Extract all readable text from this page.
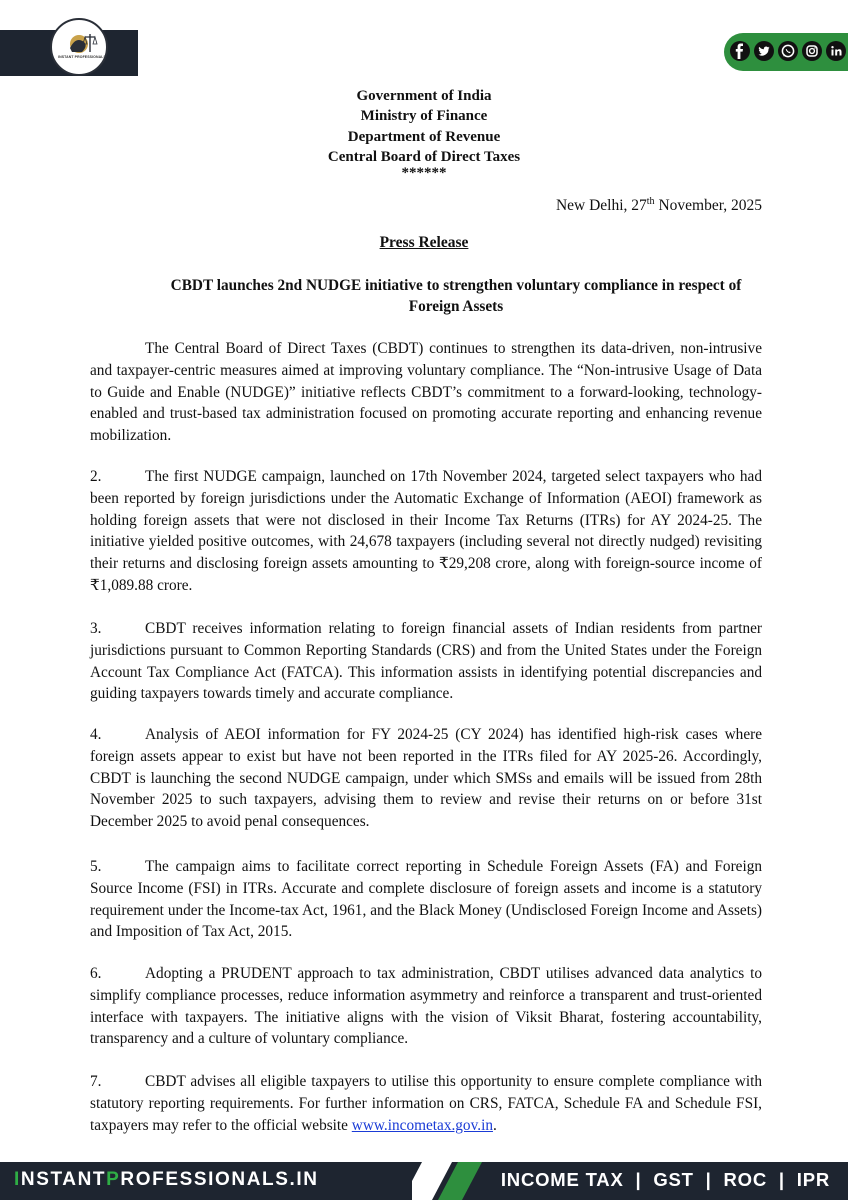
INSTANT PROFESSIONALS
Government of India
Ministry of Finance
Department of Revenue
Central Board of Direct Taxes
******
New Delhi, 27th November, 2025
Press Release
CBDT launches 2nd NUDGE initiative to strengthen voluntary compliance in respect of Foreign Assets
The Central Board of Direct Taxes (CBDT) continues to strengthen its data-driven, non-intrusive and taxpayer-centric measures aimed at improving voluntary compliance. The “Non-intrusive Usage of Data to Guide and Enable (NUDGE)” initiative reflects CBDT’s commitment to a forward-looking, technology-enabled and trust-based tax administration focused on promoting accurate reporting and enhancing revenue mobilization.
2.	The first NUDGE campaign, launched on 17th November 2024, targeted select taxpayers who had been reported by foreign jurisdictions under the Automatic Exchange of Information (AEOI) framework as holding foreign assets that were not disclosed in their Income Tax Returns (ITRs) for AY 2024-25. The initiative yielded positive outcomes, with 24,678 taxpayers (including several not directly nudged) revisiting their returns and disclosing foreign assets amounting to ₹29,208 crore, along with foreign-source income of ₹1,089.88 crore.
3.	CBDT receives information relating to foreign financial assets of Indian residents from partner jurisdictions pursuant to Common Reporting Standards (CRS) and from the United States under the Foreign Account Tax Compliance Act (FATCA). This information assists in identifying potential discrepancies and guiding taxpayers towards timely and accurate compliance.
4.	Analysis of AEOI information for FY 2024-25 (CY 2024) has identified high-risk cases where foreign assets appear to exist but have not been reported in the ITRs filed for AY 2025-26. Accordingly, CBDT is launching the second NUDGE campaign, under which SMSs and emails will be issued from 28th November 2025 to such taxpayers, advising them to review and revise their returns on or before 31st December 2025 to avoid penal consequences.
5.	The campaign aims to facilitate correct reporting in Schedule Foreign Assets (FA) and Foreign Source Income (FSI) in ITRs. Accurate and complete disclosure of foreign assets and income is a statutory requirement under the Income-tax Act, 1961, and the Black Money (Undisclosed Foreign Income and Assets) and Imposition of Tax Act, 2015.
6.	Adopting a PRUDENT approach to tax administration, CBDT utilises advanced data analytics to simplify compliance processes, reduce information asymmetry and reinforce a transparent and trust-oriented interface with taxpayers. The initiative aligns with the vision of Viksit Bharat, fostering accountability, transparency and a culture of voluntary compliance.
7.	CBDT advises all eligible taxpayers to utilise this opportunity to ensure complete compliance with statutory reporting requirements. For further information on CRS, FATCA, Schedule FA and Schedule FSI, taxpayers may refer to the official website www.incometax.gov.in.
INSTANTPROFESSIONALS.IN	INCOME TAX  |  GST  |  ROC  |  IPR
